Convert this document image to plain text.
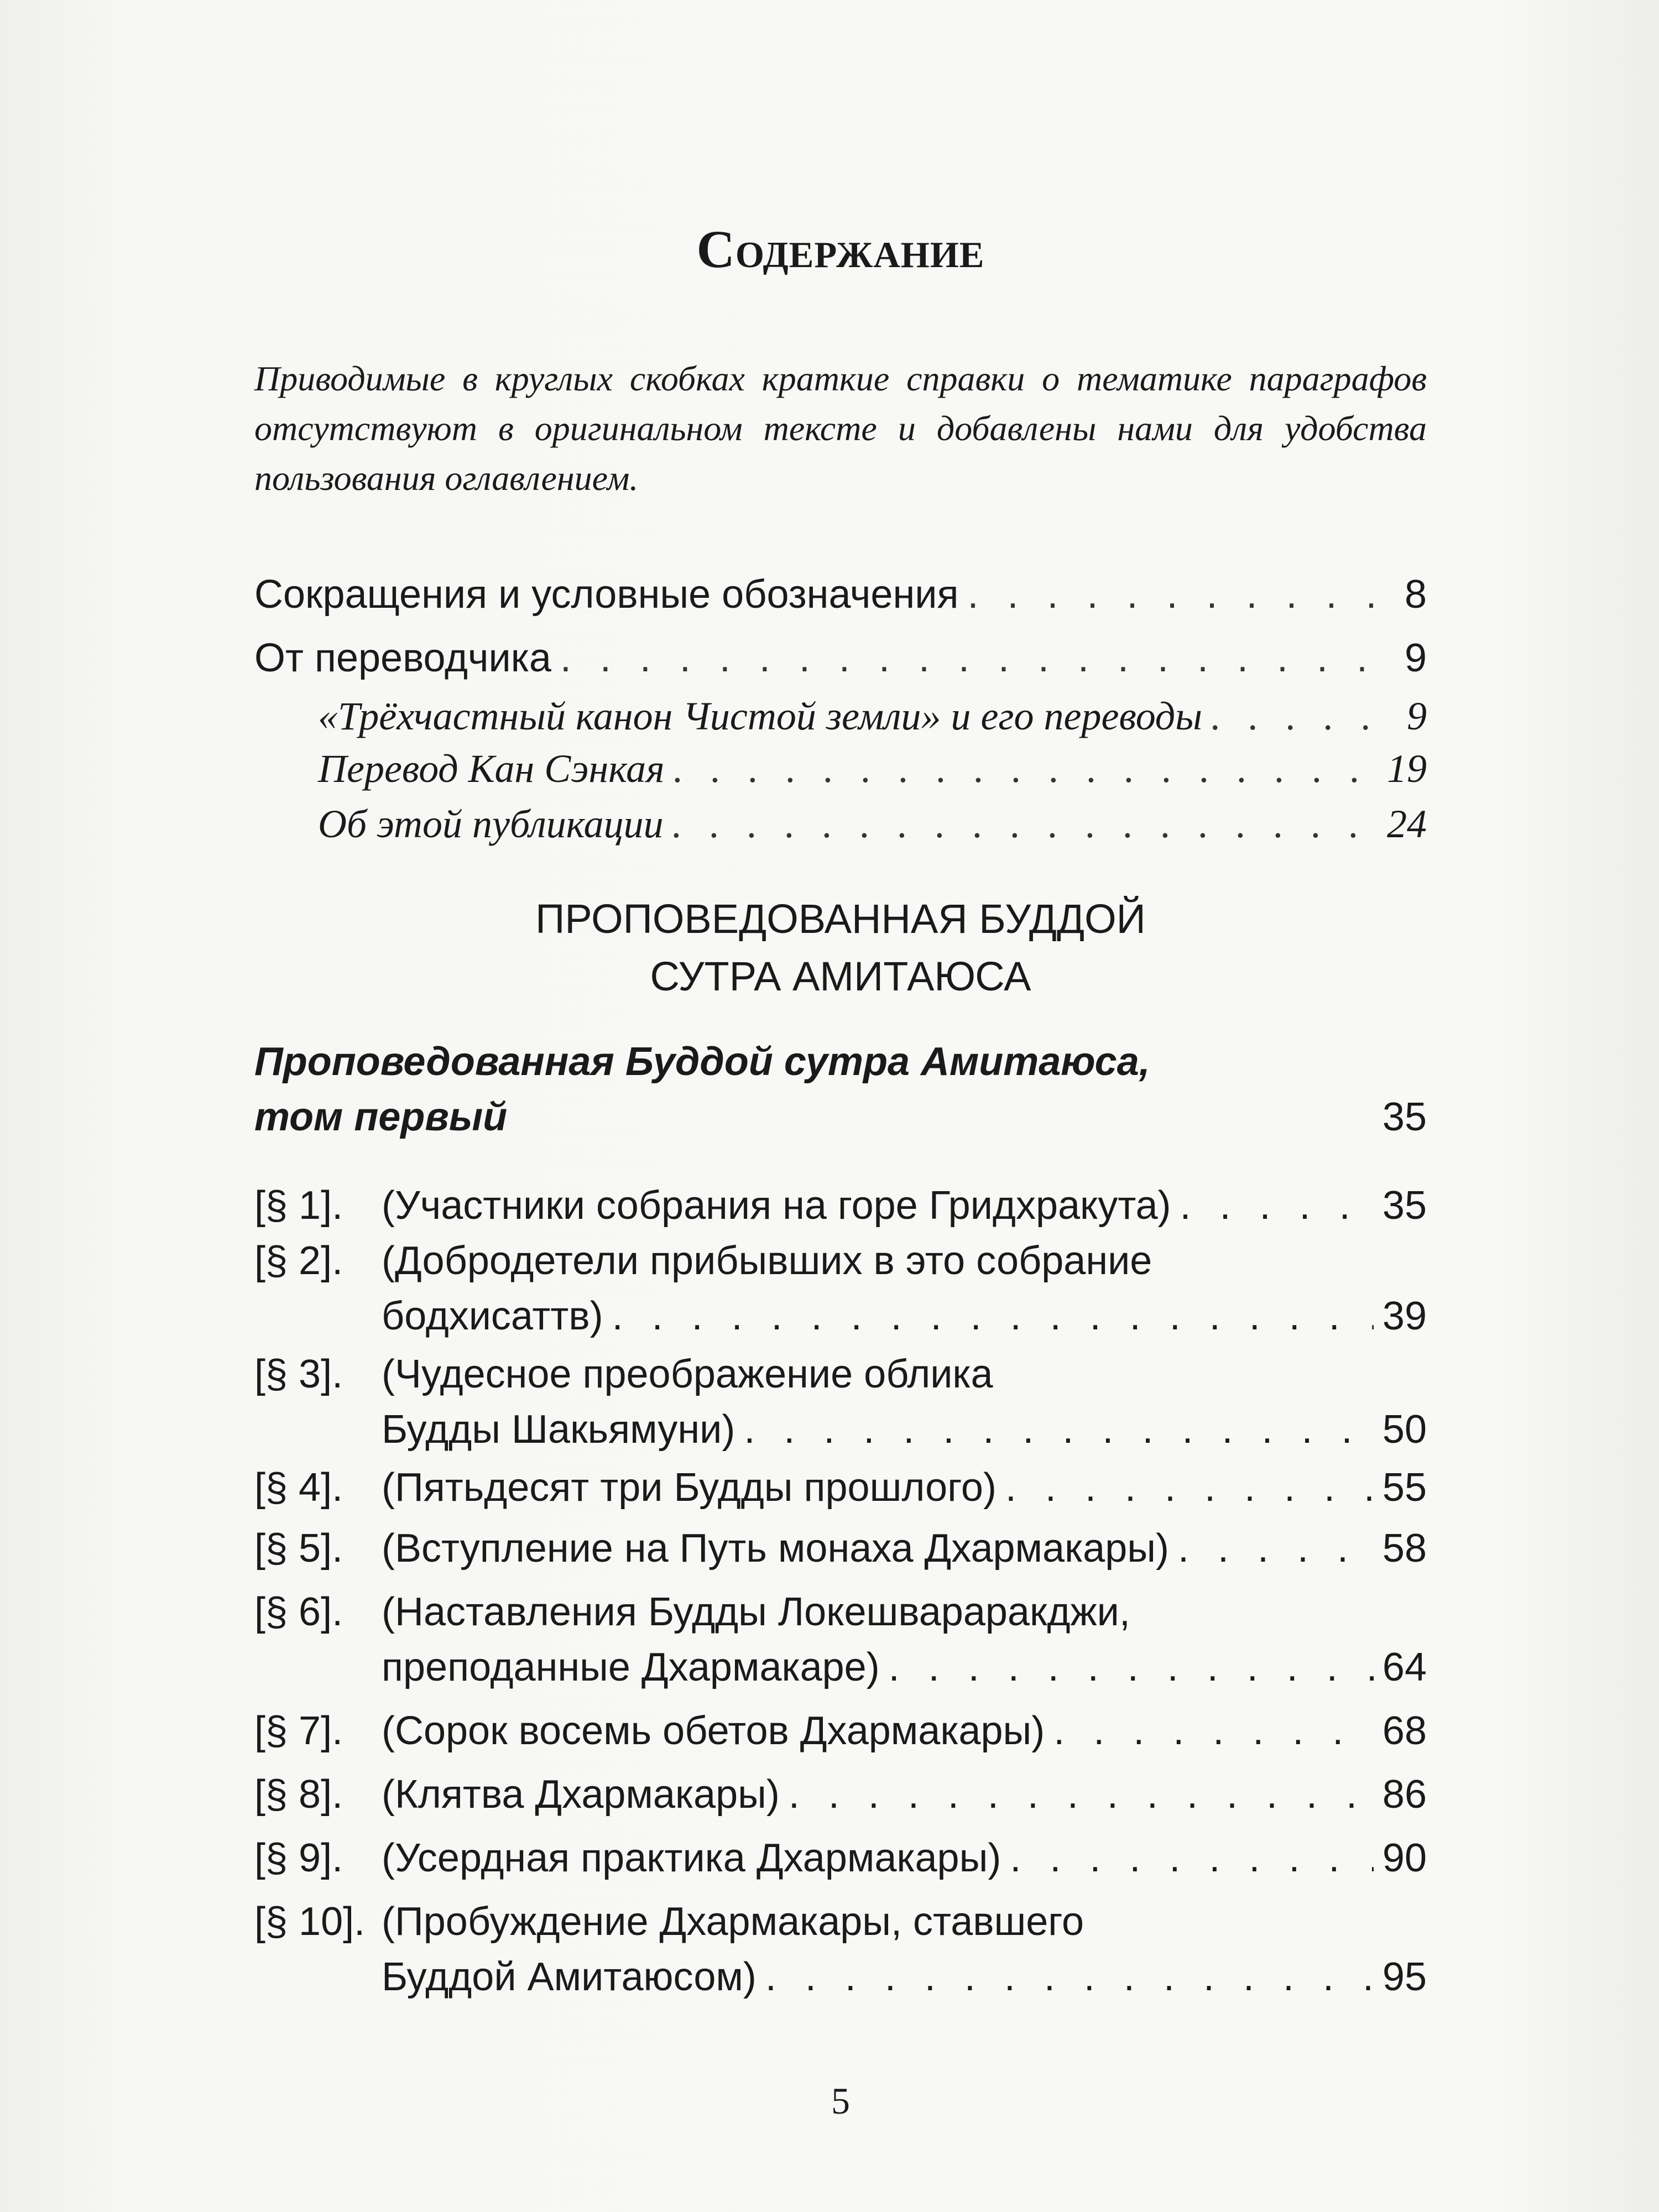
Содержание

Приводимые в круглых скобках краткие справки о тематике параграфов отсутствуют в оригинальном тексте и добавлены нами для удобства пользования оглавлением.

Сокращения и условные обозначения . . .	8
От переводчика . . .	9
«Трёхчастный канон Чистой земли» и его переводы . . .	9
Перевод Кан Сэнкая . . .	19
Об этой публикации . . .	24
ПРОПОВЕДОВАННАЯ БУДДОЙ
СУТРА АМИТАЮСА
Проповедованная Буддой сутра Амитаюса,
том первый	35
[§ 1]. (Участники собрания на горе Гридхракута) . . .	35
[§ 2]. (Добродетели прибывших в это собрание
бодхисаттв) . . .	39
[§ 3]. (Чудесное преображение облика
Будды Шакьямуни) . . .	50
[§ 4]. (Пятьдесят три Будды прошлого) . . .	55
[§ 5]. (Вступление на Путь монаха Дхармакары) . . .	58
[§ 6]. (Наставления Будды Локешвараракджи,
преподанные Дхармакаре) . . .	64
[§ 7]. (Сорок восемь обетов Дхармакары) . . .	68
[§ 8]. (Клятва Дхармакары) . . .	86
[§ 9]. (Усердная практика Дхармакары) . . .	90
[§ 10]. (Пробуждение Дхармакары, ставшего
Буддой Амитаюсом) . . .	95
5
